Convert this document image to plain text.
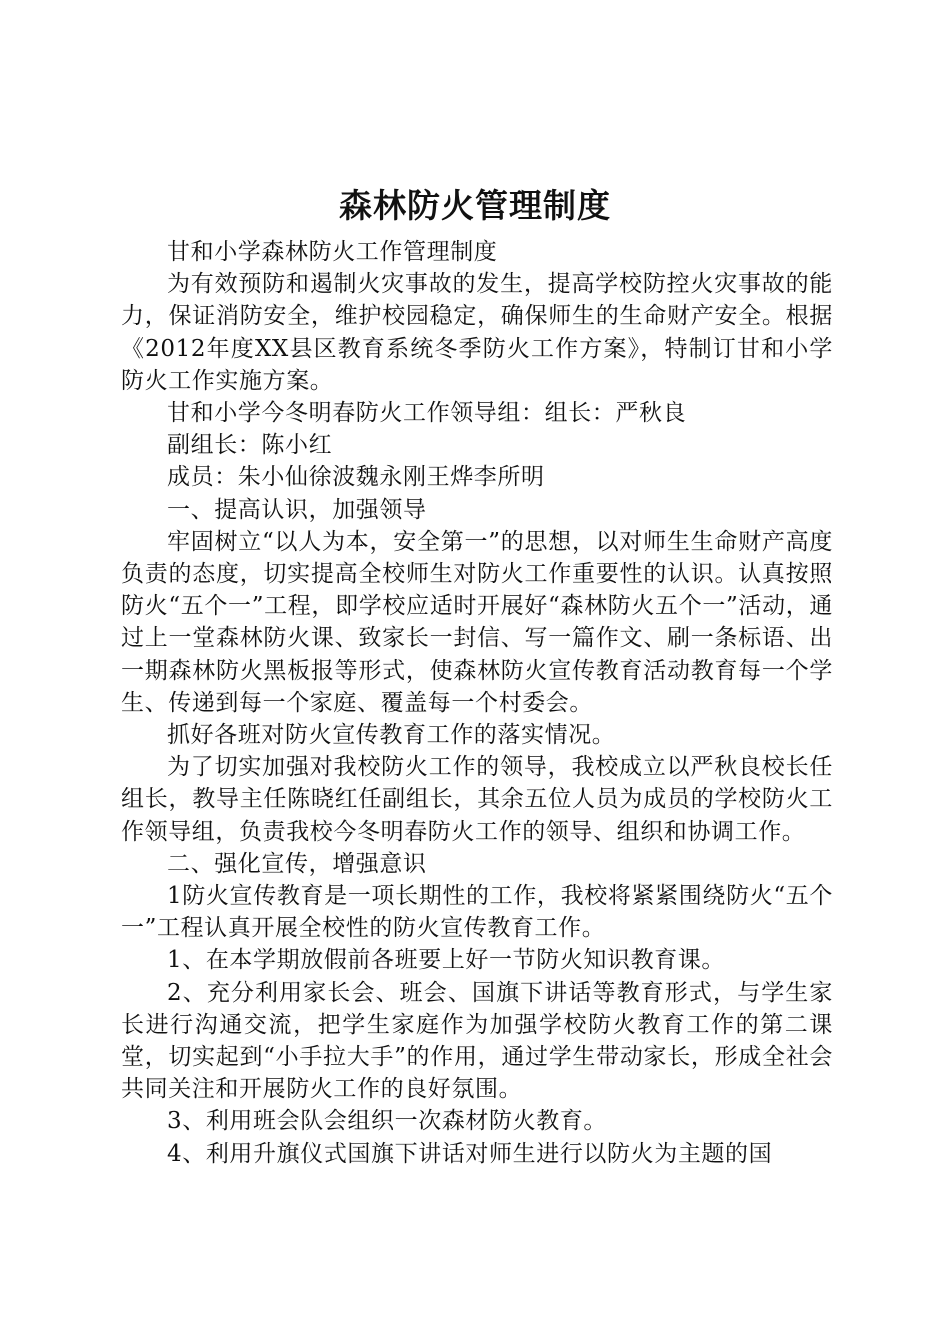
森林防火管理制度

甘和小学森林防火工作管理制度

为有效预防和遏制火灾事故的发生，提高学校防控火灾事故的能力，保证消防安全，维护校园稳定，确保师生的生命财产安全。根据《2012年度XX县区教育系统冬季防火工作方案》，特制订甘和小学防火工作实施方案。

甘和小学今冬明春防火工作领导组：组长：严秋良

副组长：陈小红

成员：朱小仙徐波魏永刚王烨李所明

一、提高认识，加强领导

牢固树立“以人为本，安全第一”的思想，以对师生生命财产高度负责的态度，切实提高全校师生对防火工作重要性的认识。认真按照防火“五个一”工程，即学校应适时开展好“森林防火五个一”活动，通过上一堂森林防火课、致家长一封信、写一篇作文、刷一条标语、出一期森林防火黑板报等形式，使森林防火宣传教育活动教育每一个学生、传递到每一个家庭、覆盖每一个村委会。

抓好各班对防火宣传教育工作的落实情况。

为了切实加强对我校防火工作的领导，我校成立以严秋良校长任组长，教导主任陈晓红任副组长，其余五位人员为成员的学校防火工作领导组，负责我校今冬明春防火工作的领导、组织和协调工作。

二、强化宣传，增强意识

1防火宣传教育是一项长期性的工作，我校将紧紧围绕防火“五个一”工程认真开展全校性的防火宣传教育工作。

1、在本学期放假前各班要上好一节防火知识教育课。

2、充分利用家长会、班会、国旗下讲话等教育形式，与学生家长进行沟通交流，把学生家庭作为加强学校防火教育工作的第二课堂，切实起到“小手拉大手”的作用，通过学生带动家长，形成全社会共同关注和开展防火工作的良好氛围。

3、利用班会队会组织一次森材防火教育。

4、利用升旗仪式国旗下讲话对师生进行以防火为主题的国
